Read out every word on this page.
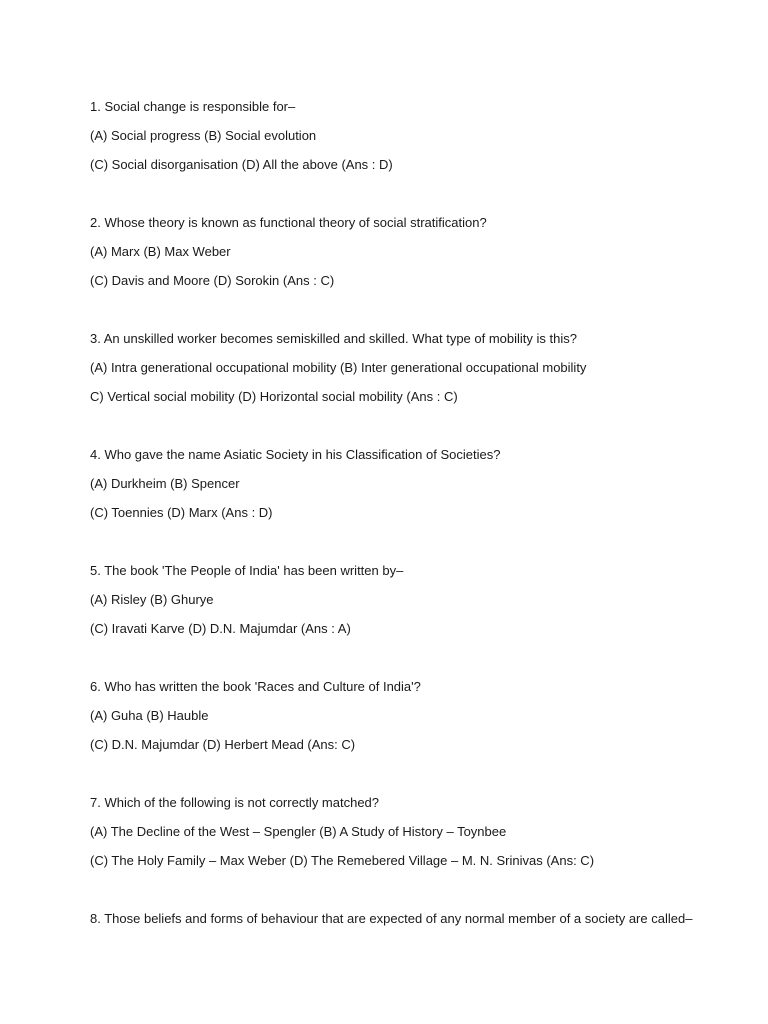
1. Social change is responsible for–
(A) Social progress (B) Social evolution
(C) Social disorganisation (D) All the above (Ans : D)
2. Whose theory is known as functional theory of social stratification?
(A) Marx (B) Max Weber
(C) Davis and Moore (D) Sorokin (Ans : C)
3. An unskilled worker becomes semiskilled and skilled. What type of mobility is this?
(A) Intra generational occupational mobility (B) Inter generational occupational mobility
C) Vertical social mobility (D) Horizontal social mobility (Ans : C)
4. Who gave the name Asiatic Society in his Classification of Societies?
(A) Durkheim (B) Spencer
(C) Toennies (D) Marx (Ans : D)
5. The book 'The People of India' has been written by–
(A) Risley (B) Ghurye
(C) Iravati Karve (D) D.N. Majumdar (Ans : A)
6. Who has written the book 'Races and Culture of India'?
(A) Guha (B) Hauble
(C) D.N. Majumdar (D) Herbert Mead (Ans: C)
7. Which of the following is not correctly matched?
(A) The Decline of the West – Spengler (B) A Study of History – Toynbee
(C) The Holy Family – Max Weber (D) The Remebered Village – M. N. Srinivas (Ans: C)
8. Those beliefs and forms of behaviour that are expected of any normal member of a society are called–
